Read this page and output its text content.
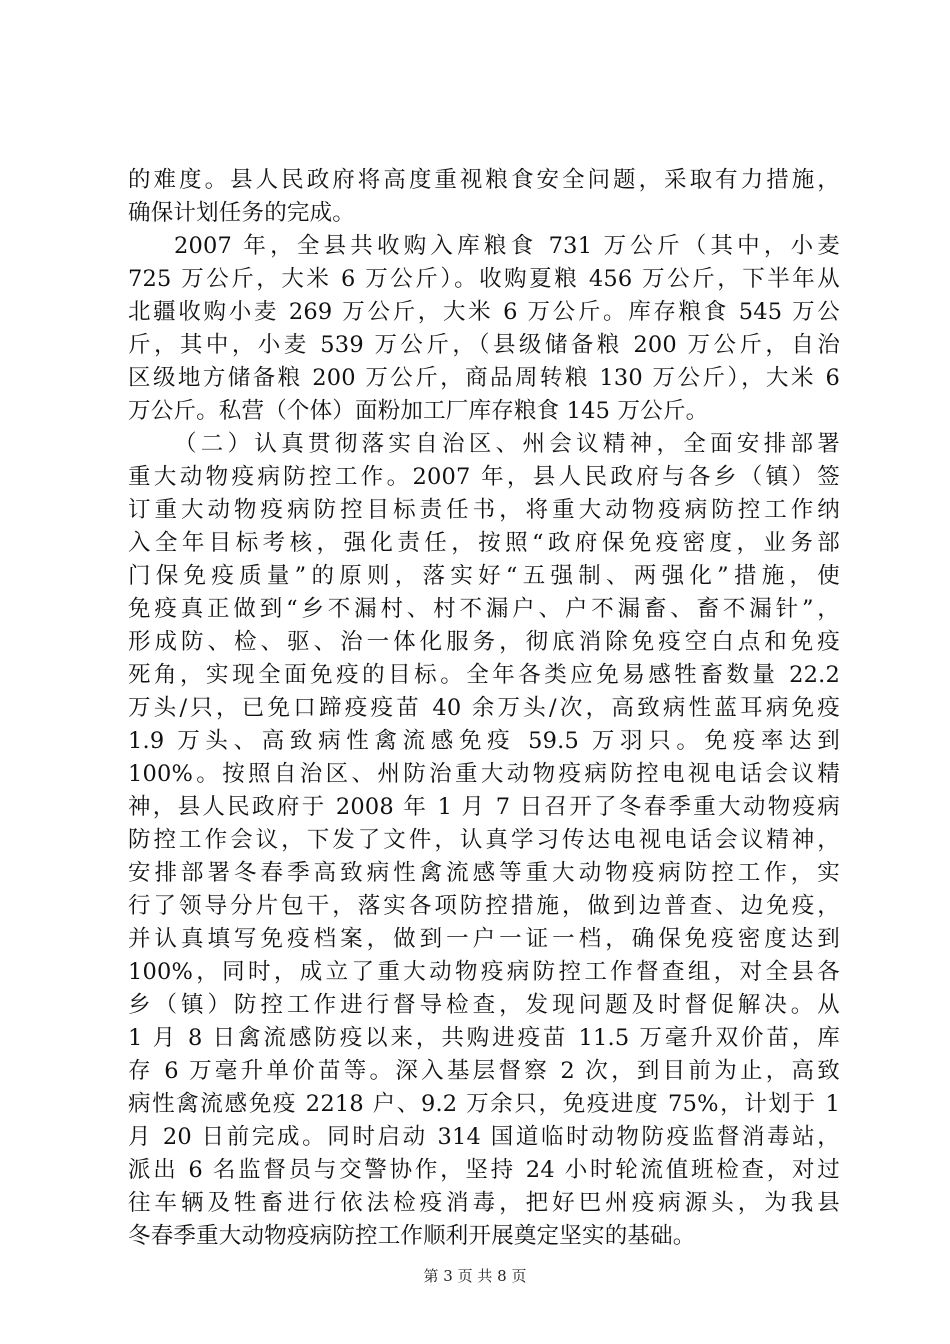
的难度。县人民政府将高度重视粮食安全问题，采取有力措施，
确保计划任务的完成。
2007 年，全县共收购入库粮食 731 万公斤（其中，小麦
725 万公斤，大米 6 万公斤）。收购夏粮 456 万公斤，下半年从
北疆收购小麦 269 万公斤，大米 6 万公斤。库存粮食 545 万公
斤，其中，小麦 539 万公斤，（县级储备粮 200 万公斤，自治
区级地方储备粮 200 万公斤，商品周转粮 130 万公斤），大米 6
万公斤。私营（个体）面粉加工厂库存粮食 145 万公斤。
（二）认真贯彻落实自治区、州会议精神，全面安排部署
重大动物疫病防控工作。2007 年，县人民政府与各乡（镇）签
订重大动物疫病防控目标责任书，将重大动物疫病防控工作纳
入全年目标考核，强化责任，按照“政府保免疫密度，业务部
门保免疫质量”的原则，落实好“五强制、两强化”措施，使
免疫真正做到“乡不漏村、村不漏户、户不漏畜、畜不漏针”，
形成防、检、驱、治一体化服务，彻底消除免疫空白点和免疫
死角，实现全面免疫的目标。全年各类应免易感牲畜数量 22.2
万头/只，已免口蹄疫疫苗 40 余万头/次，高致病性蓝耳病免疫
1.9 万头、高致病性禽流感免疫 59.5 万羽只。免疫率达到
100%。按照自治区、州防治重大动物疫病防控电视电话会议精
神，县人民政府于 2008 年 1 月 7 日召开了冬春季重大动物疫病
防控工作会议，下发了文件，认真学习传达电视电话会议精神，
安排部署冬春季高致病性禽流感等重大动物疫病防控工作，实
行了领导分片包干，落实各项防控措施，做到边普查、边免疫，
并认真填写免疫档案，做到一户一证一档，确保免疫密度达到
100%，同时，成立了重大动物疫病防控工作督查组，对全县各
乡（镇）防控工作进行督导检查，发现问题及时督促解决。从
1 月 8 日禽流感防疫以来，共购进疫苗 11.5 万毫升双价苗，库
存 6 万毫升单价苗等。深入基层督察 2 次，到目前为止，高致
病性禽流感免疫 2218 户、9.2 万余只，免疫进度 75%，计划于 1
月 20 日前完成。同时启动 314 国道临时动物防疫监督消毒站，
派出 6 名监督员与交警协作，坚持 24 小时轮流值班检查，对过
往车辆及牲畜进行依法检疫消毒，把好巴州疫病源头，为我县
冬春季重大动物疫病防控工作顺利开展奠定坚实的基础。
第 3 页 共 8 页
